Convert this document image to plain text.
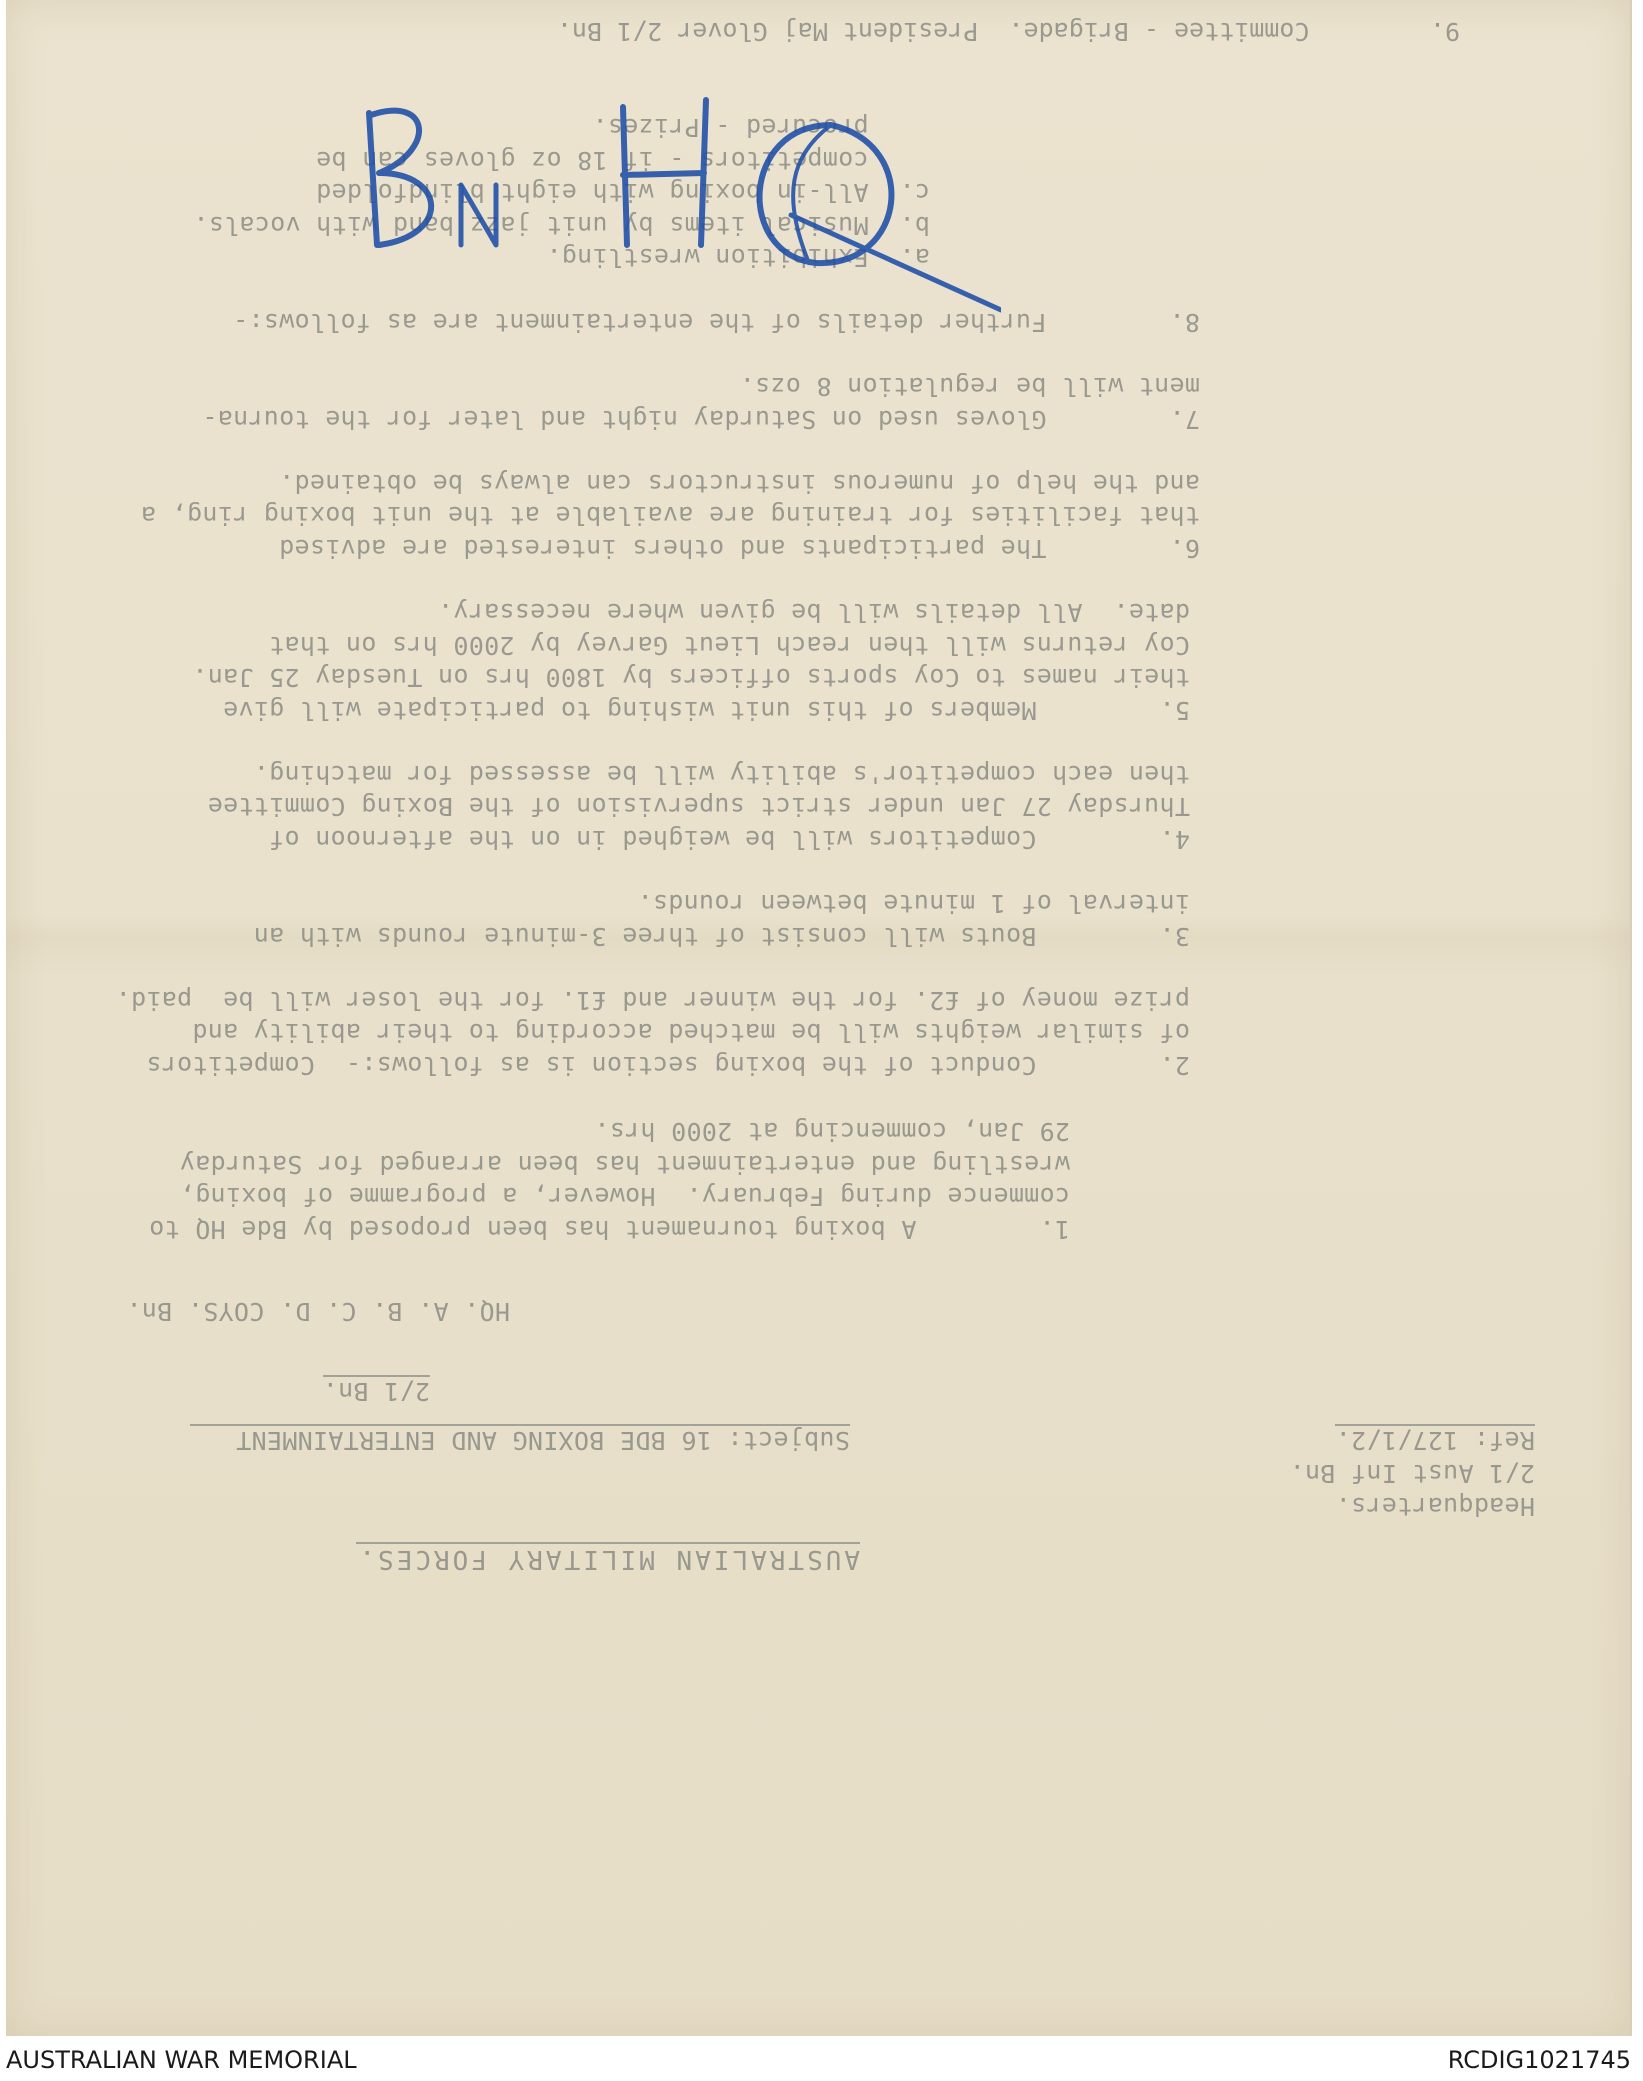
AUSTRALIAN MILITARY FORCES.
Headquarters.
2/1 Aust Inf Bn.
Ref: 127/1/2.
Subject: 16 BDE BOXING AND ENTERTAINMENT
2/1 Bn.
HQ. A. B. C. D. COYS. Bn.
1.        A boxing tournament has been proposed by Bde HQ to
commence during February.  However, a programme of boxing,
wrestling and entertainment has been arranged for Saturday
29 Jan, commencing at 2000 hrs.
2.        Conduct of the boxing section is as follows:-  Competitors
of similar weights will be matched according to their ability and
prize money of £2. for the winner and £1. for the loser will be  paid.
3.        Bouts will consist of three 3-minute rounds with an
interval of 1 minute between rounds.
4.        Competitors will be weighed in on the afternoon of
Thursday 27 Jan under strict supervision of the Boxing Committee
then each competitor's ability will be assessed for matching.
5.        Members of this unit wishing to participate will give
their names to Coy sports officers by 1800 hrs on Tuesday 25 Jan.
Coy returns will then reach Lieut Garvey by 2000 hrs on that
date.  All details will be given where necessary.
6.        The participants and others interested are advised
that facilities for training are available at the unit boxing ring, a
and the help of numerous instructors can always be obtained.
7.        Gloves used on Saturday night and later for the tourna-
ment will be regulation 8 ozs.
8.        Further details of the entertainment are as follows:-
a.  Exhibition wrestling.
b.  Musical items by unit jazz band with vocals.
c.  All-in boxing with eight blindfolded
competitors - if 18 oz gloves can be
procured - Prizes.
9.        Committee - Brigade.  President Maj Glover 2/1 Bn.
AUSTRALIAN WAR MEMORIAL	RCDIG1021745
